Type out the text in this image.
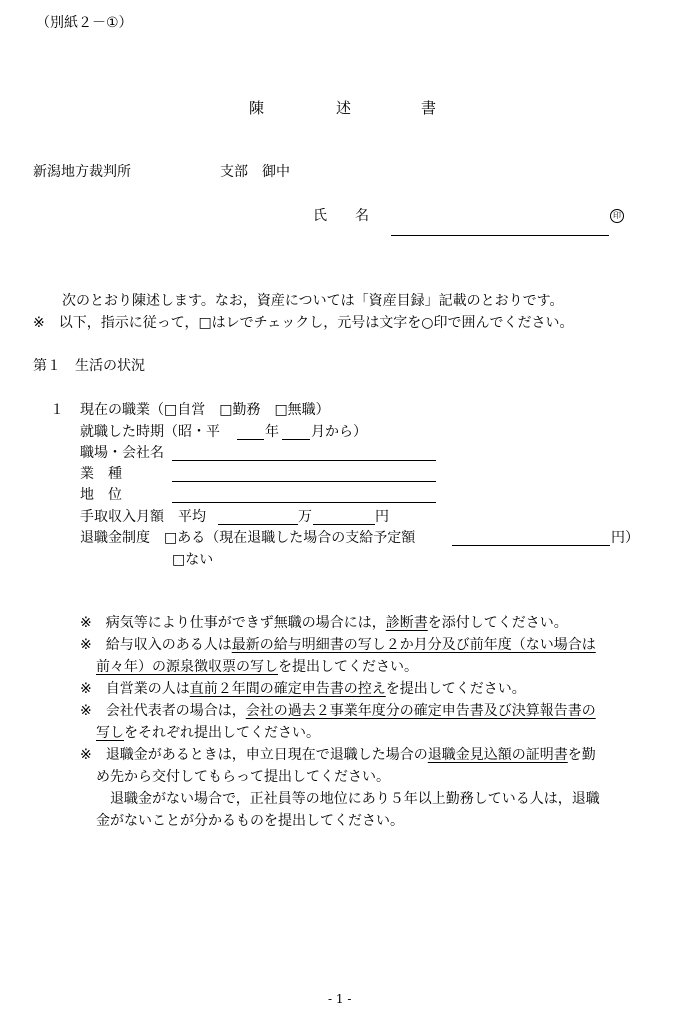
（別紙２－①）
陳	述	書
新潟地方裁判所	支部　御中
氏　　名	印
次のとおり陳述します。なお，資産については「資産目録」記載のとおりです。
※　以下，指示に従って，□はレでチェックし，元号は文字を○印で囲んでください。
第１　生活の状況
１ 現在の職業（□自営　□勤務　□無職）
就職した時期（昭・平	年 月から）
職場・会社名
業　種
地　位
手取収入月額　平均	万	円
退職金制度　□ある（現在退職した場合の支給予定額	円）
□ない
※　病気等により仕事ができず無職の場合には，診断書を添付してください。
※　給与収入のある人は最新の給与明細書の写し２か月分及び前年度（ない場合は
前々年）の源泉徴収票の写しを提出してください。
※　自営業の人は直前２年間の確定申告書の控えを提出してください。
※　会社代表者の場合は，会社の過去２事業年度分の確定申告書及び決算報告書の
写しをそれぞれ提出してください。
※　退職金があるときは，申立日現在で退職した場合の退職金見込額の証明書を勤
め先から交付してもらって提出してください。
退職金がない場合で，正社員等の地位にあり５年以上勤務している人は，退職
金がないことが分かるものを提出してください。
- 1 -
